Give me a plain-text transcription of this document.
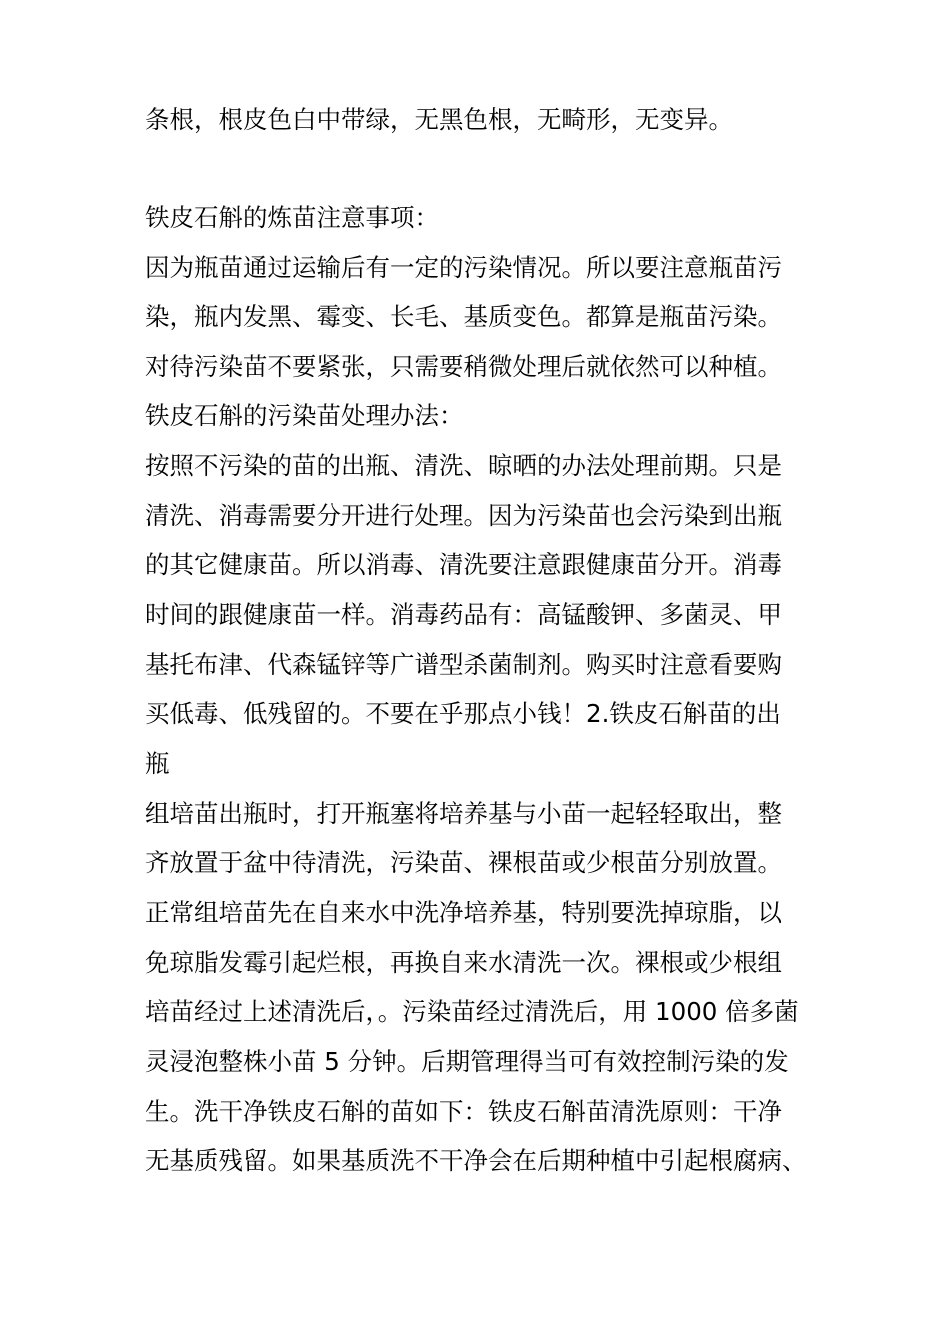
条根，根皮色白中带绿，无黑色根，无畸形，无变异。
铁皮石斛的炼苗注意事项：
因为瓶苗通过运输后有一定的污染情况。所以要注意瓶苗污
染，瓶内发黑、霉变、长毛、基质变色。都算是瓶苗污染。
对待污染苗不要紧张，只需要稍微处理后就依然可以种植。
铁皮石斛的污染苗处理办法：
按照不污染的苗的出瓶、清洗、晾晒的办法处理前期。只是
清洗、消毒需要分开进行处理。因为污染苗也会污染到出瓶
的其它健康苗。所以消毒、清洗要注意跟健康苗分开。消毒
时间的跟健康苗一样。消毒药品有：高锰酸钾、多菌灵、甲
基托布津、代森锰锌等广谱型杀菌制剂。购买时注意看要购
买低毒、低残留的。不要在乎那点小钱！2.铁皮石斛苗的出
瓶
组培苗出瓶时，打开瓶塞将培养基与小苗一起轻轻取出，整
齐放置于盆中待清洗，污染苗、裸根苗或少根苗分别放置。
正常组培苗先在自来水中洗净培养基，特别要洗掉琼脂，以
免琼脂发霉引起烂根，再换自来水清洗一次。裸根或少根组
培苗经过上述清洗后，。污染苗经过清洗后，用 1000 倍多菌
灵浸泡整株小苗 5 分钟。后期管理得当可有效控制污染的发
生。洗干净铁皮石斛的苗如下：铁皮石斛苗清洗原则：干净
无基质残留。如果基质洗不干净会在后期种植中引起根腐病、
